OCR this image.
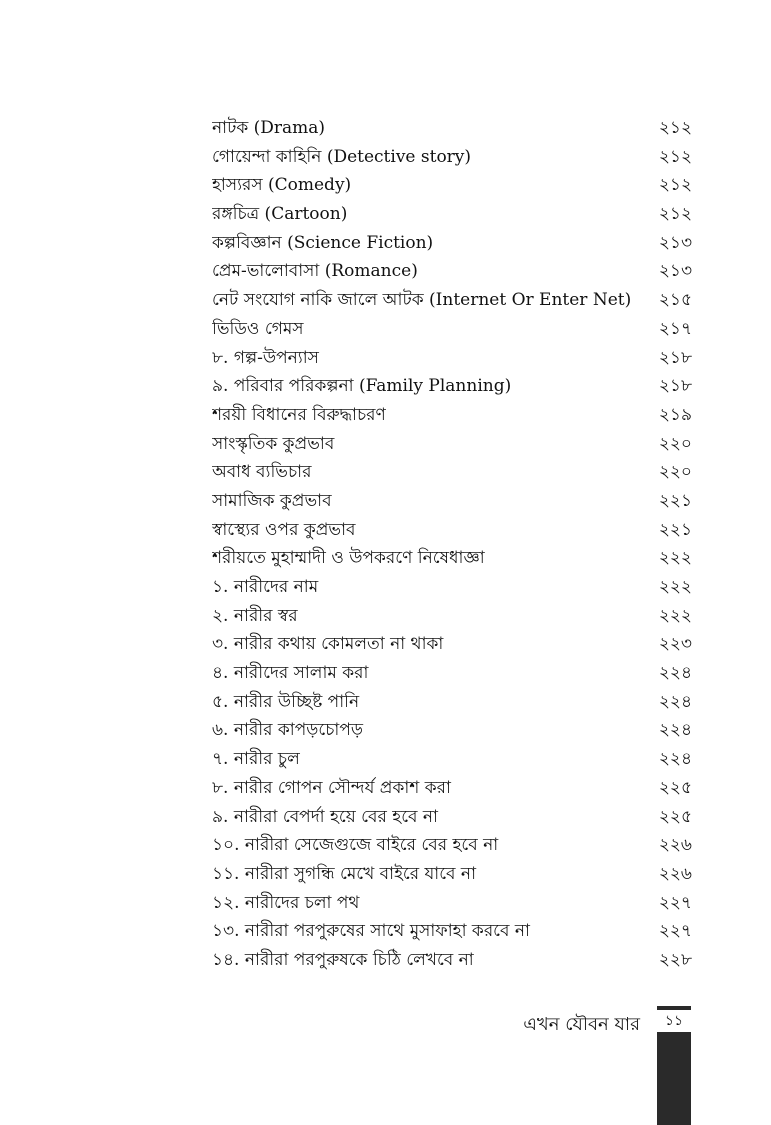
নাটক (Drama)	২১২
গোয়েন্দা কাহিনি (Detective story)	২১২
হাস্যরস (Comedy)	২১২
রঙ্গচিত্র (Cartoon)	২১২
কল্পবিজ্ঞান (Science Fiction)	২১৩
প্রেম-ভালোবাসা (Romance)	২১৩
নেট সংযোগ নাকি জালে আটক (Internet Or Enter Net)	২১৫
ভিডিও গেমস	২১৭
৮. গল্প-উপন্যাস	২১৮
৯. পরিবার পরিকল্পনা (Family Planning)	২১৮
শরয়ী বিধানের বিরুদ্ধাচরণ	২১৯
সাংস্কৃতিক কুপ্রভাব	২২০
অবাধ ব্যভিচার	২২০
সামাজিক কুপ্রভাব	২২১
স্বাস্থ্যের ওপর কুপ্রভাব	২২১
শরীয়তে মুহাম্মাদী ও উপকরণে নিষেধাজ্ঞা	২২২
১. নারীদের নাম	২২২
২. নারীর স্বর	২২২
৩. নারীর কথায় কোমলতা না থাকা	২২৩
৪. নারীদের সালাম করা	২২৪
৫. নারীর উচ্ছিষ্ট পানি	২২৪
৬. নারীর কাপড়চোপড়	২২৪
৭. নারীর চুল	২২৪
৮. নারীর গোপন সৌন্দর্য প্রকাশ করা	২২৫
৯. নারীরা বেপর্দা হয়ে বের হবে না	২২৫
১০. নারীরা সেজেগুজে বাইরে বের হবে না	২২৬
১১. নারীরা সুগন্ধি মেখে বাইরে যাবে না	২২৬
১২. নারীদের চলা পথ	২২৭
১৩. নারীরা পরপুরুষের সাথে মুসাফাহা করবে না	২২৭
১৪. নারীরা পরপুরুষকে চিঠি লেখবে না	২২৮
এখন যৌবন যার	১১
